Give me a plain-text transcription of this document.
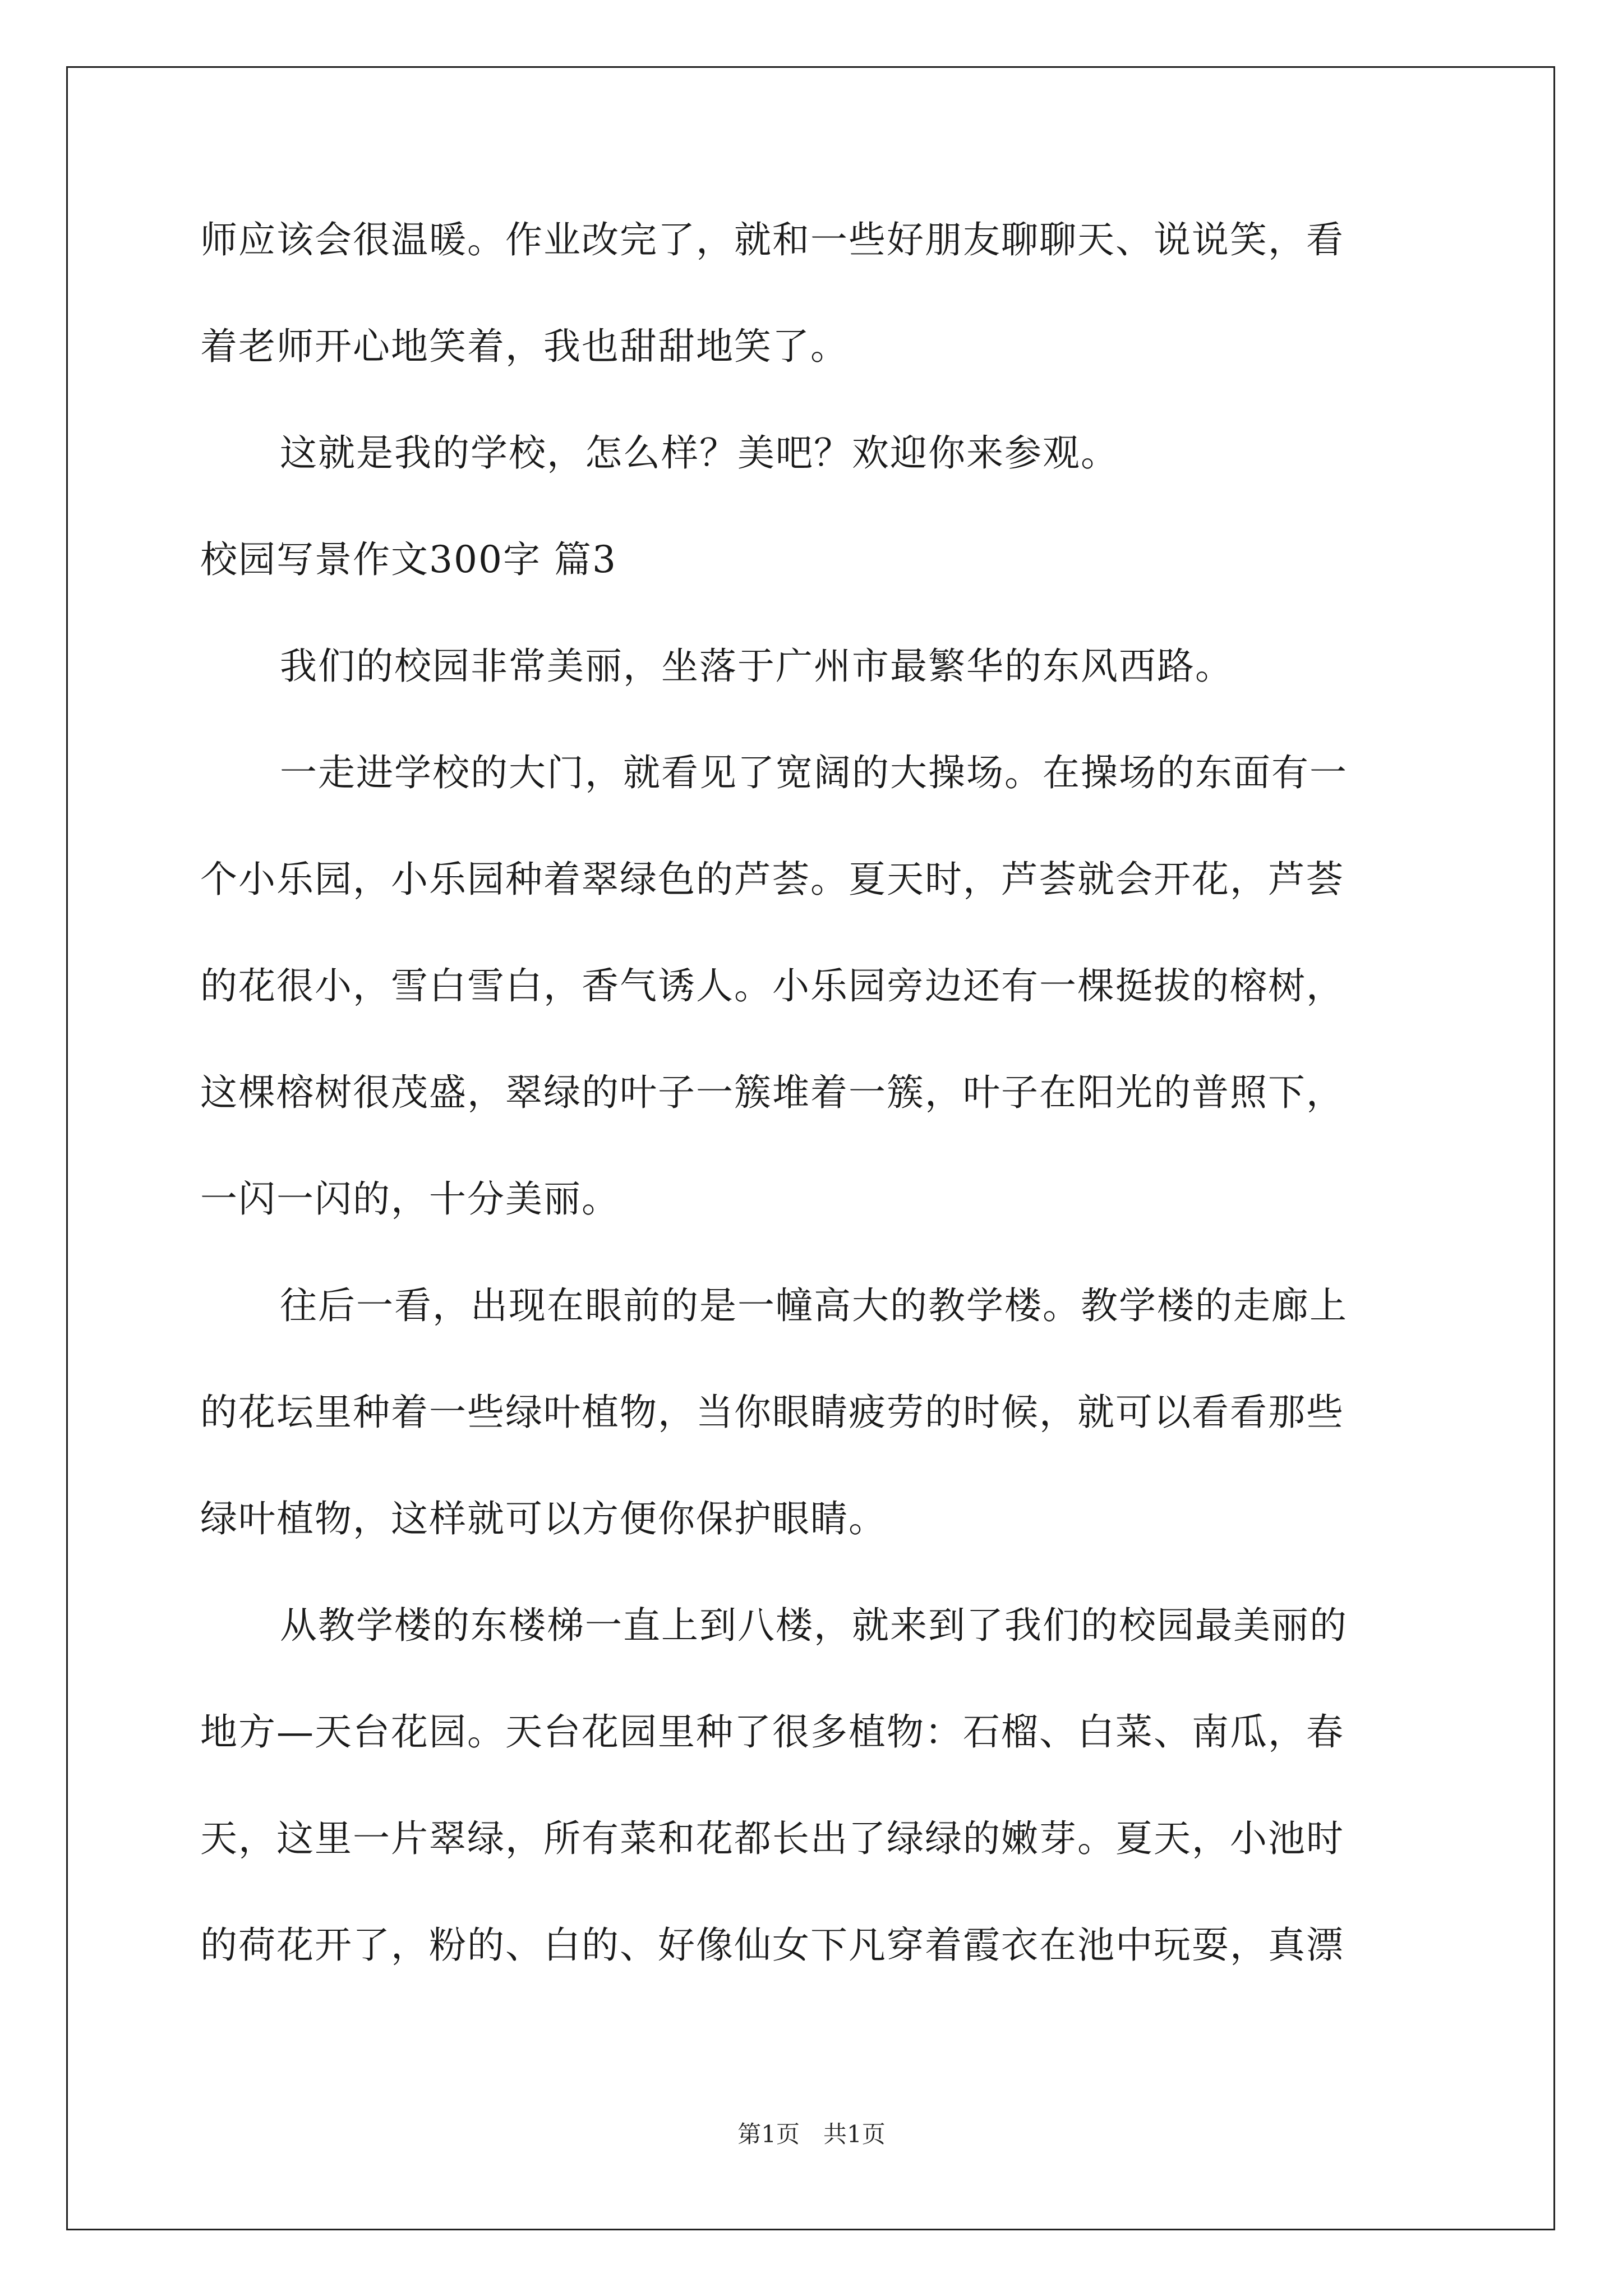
师应该会很温暖。作业改完了，就和一些好朋友聊聊天、说说笑，看
着老师开心地笑着，我也甜甜地笑了。
这就是我的学校，怎么样？美吧？欢迎你来参观。
校园写景作文300字 篇3
我们的校园非常美丽，坐落于广州市最繁华的东风西路。
一走进学校的大门，就看见了宽阔的大操场。在操场的东面有一
个小乐园，小乐园种着翠绿色的芦荟。夏天时，芦荟就会开花，芦荟
的花很小，雪白雪白，香气诱人。小乐园旁边还有一棵挺拔的榕树，
这棵榕树很茂盛，翠绿的叶子一簇堆着一簇，叶子在阳光的普照下，
一闪一闪的，十分美丽。
往后一看，出现在眼前的是一幢高大的教学楼。教学楼的走廊上
的花坛里种着一些绿叶植物，当你眼睛疲劳的时候，就可以看看那些
绿叶植物，这样就可以方便你保护眼睛。
从教学楼的东楼梯一直上到八楼，就来到了我们的校园最美丽的
地方—天台花园。天台花园里种了很多植物：石榴、白菜、南瓜，春
天，这里一片翠绿，所有菜和花都长出了绿绿的嫩芽。夏天，小池时
的荷花开了，粉的、白的、好像仙女下凡穿着霞衣在池中玩耍，真漂
第1页　共1页
